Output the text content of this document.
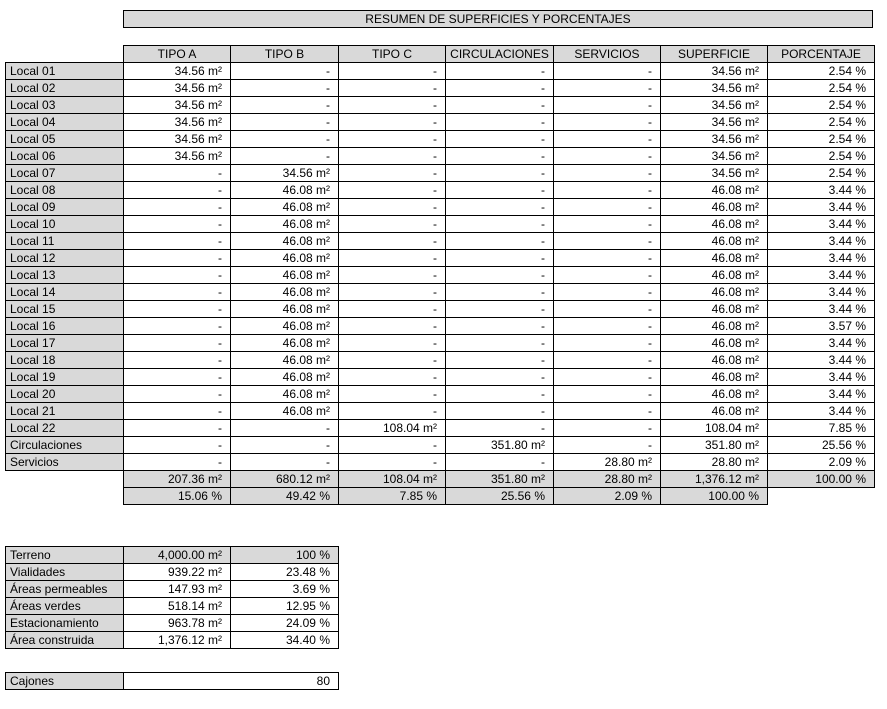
RESUMEN DE SUPERFICIES Y PORCENTAJES
	TIPO A	TIPO B	TIPO C	CIRCULACIONES	SERVICIOS	SUPERFICIE	PORCENTAJE
Local 01	34.56 m²	-	-	-	-	34.56 m²	2.54 %
Local 02	34.56 m²	-	-	-	-	34.56 m²	2.54 %
Local 03	34.56 m²	-	-	-	-	34.56 m²	2.54 %
Local 04	34.56 m²	-	-	-	-	34.56 m²	2.54 %
Local 05	34.56 m²	-	-	-	-	34.56 m²	2.54 %
Local 06	34.56 m²	-	-	-	-	34.56 m²	2.54 %
Local 07	-	34.56 m²	-	-	-	34.56 m²	2.54 %
Local 08	-	46.08 m²	-	-	-	46.08 m²	3.44 %
Local 09	-	46.08 m²	-	-	-	46.08 m²	3.44 %
Local 10	-	46.08 m²	-	-	-	46.08 m²	3.44 %
Local 11	-	46.08 m²	-	-	-	46.08 m²	3.44 %
Local 12	-	46.08 m²	-	-	-	46.08 m²	3.44 %
Local 13	-	46.08 m²	-	-	-	46.08 m²	3.44 %
Local 14	-	46.08 m²	-	-	-	46.08 m²	3.44 %
Local 15	-	46.08 m²	-	-	-	46.08 m²	3.44 %
Local 16	-	46.08 m²	-	-	-	46.08 m²	3.57 %
Local 17	-	46.08 m²	-	-	-	46.08 m²	3.44 %
Local 18	-	46.08 m²	-	-	-	46.08 m²	3.44 %
Local 19	-	46.08 m²	-	-	-	46.08 m²	3.44 %
Local 20	-	46.08 m²	-	-	-	46.08 m²	3.44 %
Local 21	-	46.08 m²	-	-	-	46.08 m²	3.44 %
Local 22	-	-	108.04 m²	-	-	108.04 m²	7.85 %
Circulaciones	-	-	-	351.80 m²	-	351.80 m²	25.56 %
Servicios	-	-	-	-	28.80 m²	28.80 m²	2.09 %
	207.36 m²	680.12 m²	108.04 m²	351.80 m²	28.80 m²	1,376.12 m²	100.00 %
	15.06 %	49.42 %	7.85 %	25.56 %	2.09 %	100.00 %	
Terreno	4,000.00 m²	100 %
Vialidades	939.22 m²	23.48 %
Áreas permeables	147.93 m²	3.69 %
Áreas verdes	518.14 m²	12.95 %
Estacionamiento	963.78 m²	24.09 %
Área construida	1,376.12 m²	34.40 %
Cajones	80
